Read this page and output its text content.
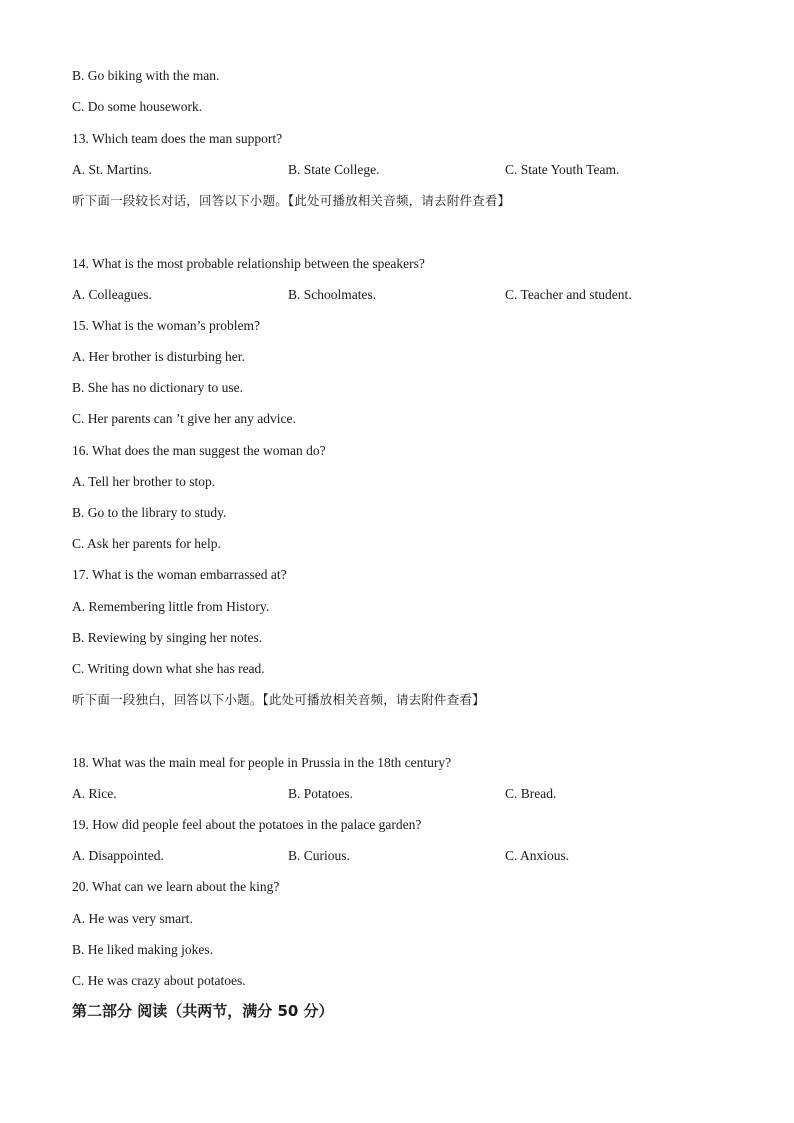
B. Go biking with the man.
C. Do some housework.
13. Which team does the man support?
A. St. Martins.	B. State College.	C. State Youth Team.
听下面一段较长对话，回答以下小题。【此处可播放相关音频，请去附件查看】
14. What is the most probable relationship between the speakers?
A. Colleagues.	B. Schoolmates.	C. Teacher and student.
15. What is the woman’s problem?
A. Her brother is disturbing her.
B. She has no dictionary to use.
C. Her parents can ’t give her any advice.
16. What does the man suggest the woman do?
A. Tell her brother to stop.
B. Go to the library to study.
C. Ask her parents for help.
17. What is the woman embarrassed at?
A. Remembering little from History.
B. Reviewing by singing her notes.
C. Writing down what she has read.
听下面一段独白，回答以下小题。【此处可播放相关音频，请去附件查看】
18. What was the main meal for people in Prussia in the 18th century?
A. Rice.	B. Potatoes.	C. Bread.
19. How did people feel about the potatoes in the palace garden?
A. Disappointed.	B. Curious.	C. Anxious.
20. What can we learn about the king?
A. He was very smart.
B. He liked making jokes.
C. He was crazy about potatoes.
第二部分 阅读（共两节，满分 50 分）
